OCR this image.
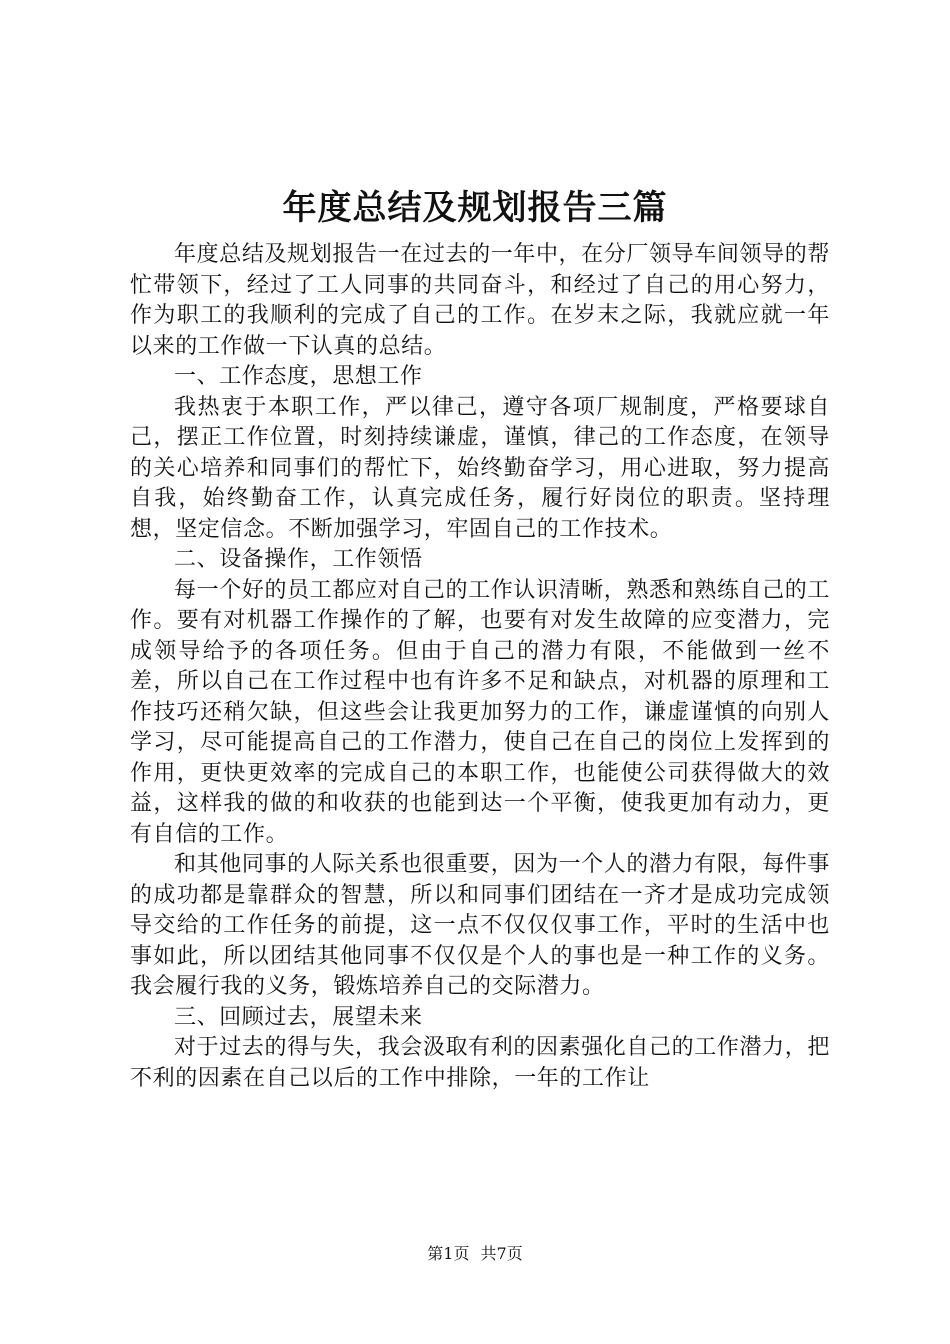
年度总结及规划报告三篇

年度总结及规划报告一在过去的一年中，在分厂领导车间领导的帮忙带领下，经过了工人同事的共同奋斗，和经过了自己的用心努力，作为职工的我顺利的完成了自己的工作。在岁末之际，我就应就一年以来的工作做一下认真的总结。

一、工作态度，思想工作

我热衷于本职工作，严以律己，遵守各项厂规制度，严格要球自己，摆正工作位置，时刻持续谦虚，谨慎，律己的工作态度，在领导的关心培养和同事们的帮忙下，始终勤奋学习，用心进取，努力提高自我，始终勤奋工作，认真完成任务，履行好岗位的职责。坚持理想，坚定信念。不断加强学习，牢固自己的工作技术。

二、设备操作，工作领悟

每一个好的员工都应对自己的工作认识清晰，熟悉和熟练自己的工作。要有对机器工作操作的了解，也要有对发生故障的应变潜力，完成领导给予的各项任务。但由于自己的潜力有限，不能做到一丝不差，所以自己在工作过程中也有许多不足和缺点，对机器的原理和工作技巧还稍欠缺，但这些会让我更加努力的工作，谦虚谨慎的向别人学习，尽可能提高自己的工作潜力，使自己在自己的岗位上发挥到的作用，更快更效率的完成自己的本职工作，也能使公司获得做大的效益，这样我的做的和收获的也能到达一个平衡，使我更加有动力，更有自信的工作。

和其他同事的人际关系也很重要，因为一个人的潜力有限，每件事的成功都是靠群众的智慧，所以和同事们团结在一齐才是成功完成领导交给的工作任务的前提，这一点不仅仅仅事工作，平时的生活中也事如此，所以团结其他同事不仅仅是个人的事也是一种工作的义务。我会履行我的义务，锻炼培养自己的交际潜力。

三、回顾过去，展望未来

对于过去的得与失，我会汲取有利的因素强化自己的工作潜力，把不利的因素在自己以后的工作中排除，一年的工作让

第1页 共7页
